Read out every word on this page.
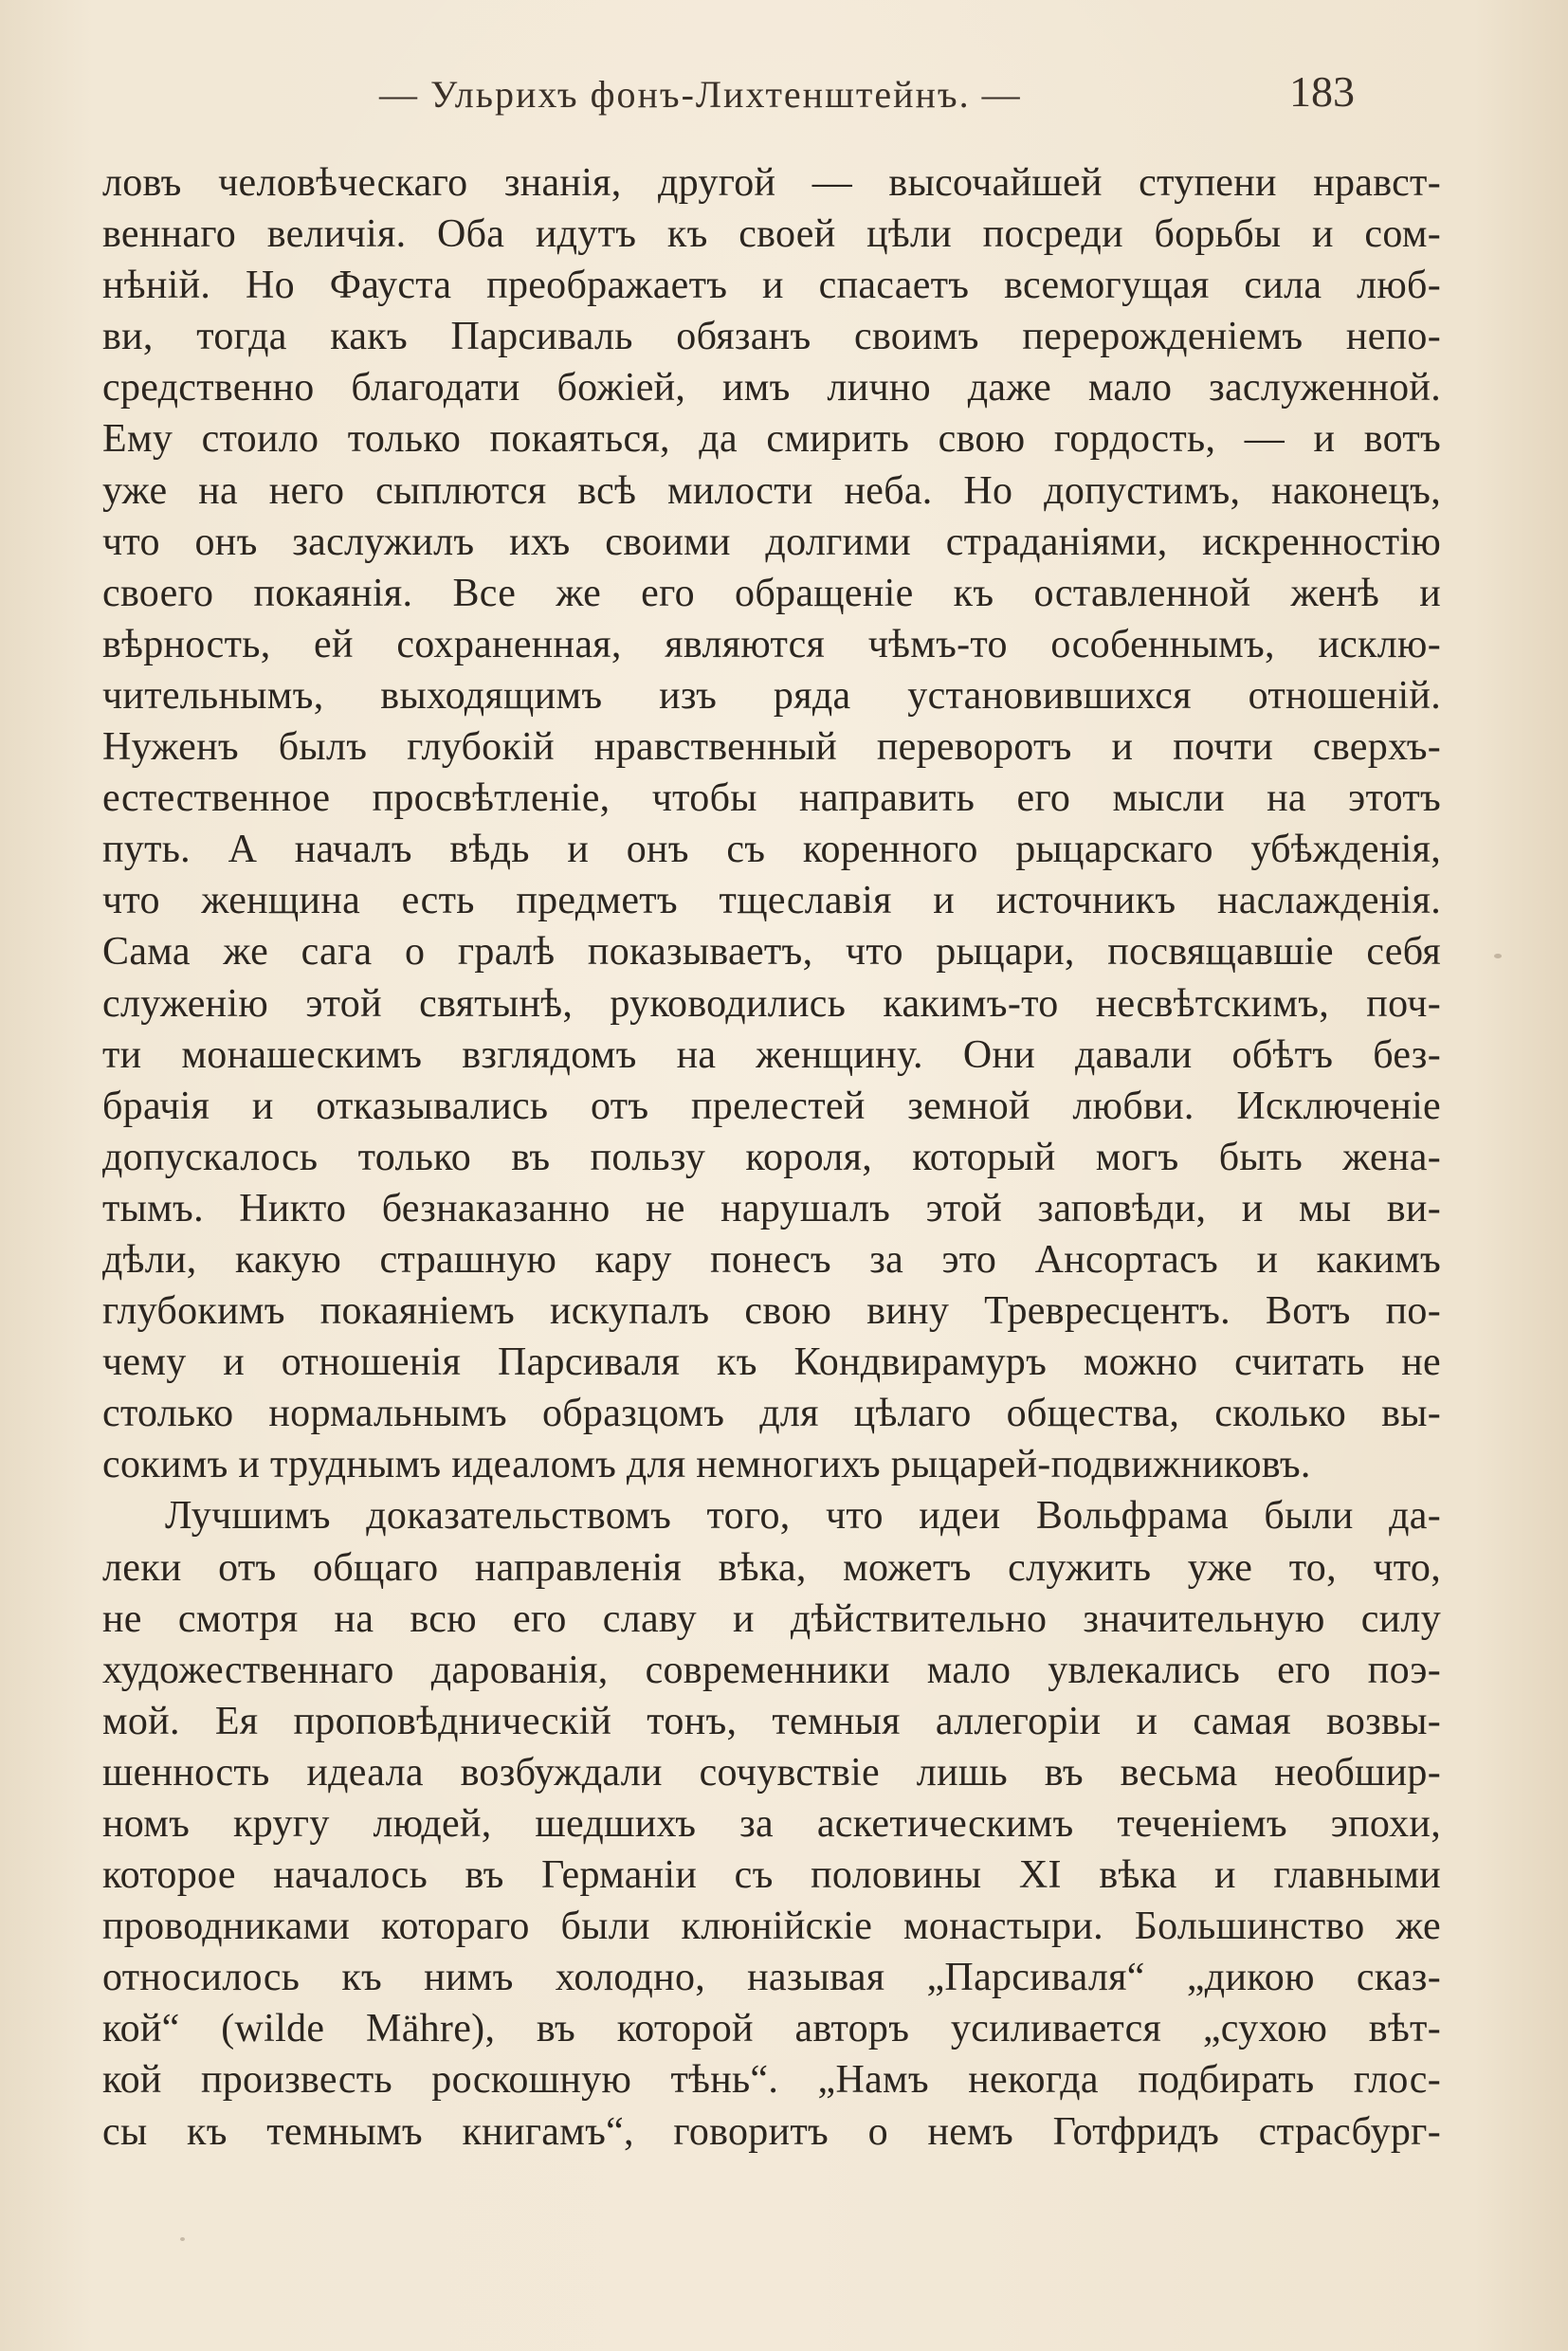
— Ульрихъ фонъ-Лихтенштейнъ. —	183
ловъ человѣческаго знанія, другой — высочайшей ступени нравст-
веннаго величія. Оба идутъ къ своей цѣли посреди борьбы и сом-
нѣній. Но Фауста преображаетъ и спасаетъ всемогущая сила люб-
ви, тогда какъ Парсиваль обязанъ своимъ перерожденіемъ непо-
средственно благодати божіей, имъ лично даже мало заслуженной.
Ему стоило только покаяться, да смирить свою гордость, — и вотъ
уже на него сыплются всѣ милости неба. Но допустимъ, наконецъ,
что онъ заслужилъ ихъ своими долгими страданіями, искренностію
своего покаянія. Все же его обращеніе къ оставленной женѣ и
вѣрность, ей сохраненная, являются чѣмъ-то особеннымъ, исклю-
чительнымъ, выходящимъ изъ ряда установившихся отношеній.
Нуженъ былъ глубокій нравственный переворотъ и почти сверхъ-
естественное просвѣтленіе, чтобы направить его мысли на этотъ
путь. А началъ вѣдь и онъ съ коренного рыцарскаго убѣжденія,
что женщина есть предметъ тщеславія и источникъ наслажденія.
Сама же сага о гралѣ показываетъ, что рыцари, посвящавшіе себя
служенію этой святынѣ, руководились какимъ-то несвѣтскимъ, поч-
ти монашескимъ взглядомъ на женщину. Они давали обѣтъ без-
брачія и отказывались отъ прелестей земной любви. Исключеніе
допускалось только въ пользу короля, который могъ быть жена-
тымъ. Никто безнаказанно не нарушалъ этой заповѣди, и мы ви-
дѣли, какую страшную кару понесъ за это Ансортасъ и какимъ
глубокимъ покаяніемъ искупалъ свою вину Тревреcцентъ. Вотъ по-
чему и отношенія Парсиваля къ Кондвирамуръ можно считать не
столько нормальнымъ образцомъ для цѣлаго общества, сколько вы-
сокимъ и труднымъ идеаломъ для немногихъ рыцарей-подвижниковъ.
Лучшимъ доказательствомъ того, что идеи Вольфрама были да-
леки отъ общаго направленія вѣка, можетъ служить уже то, что,
не смотря на всю его славу и дѣйствительно значительную силу
художественнаго дарованія, современники мало увлекались его поэ-
мой. Ея проповѣдническій тонъ, темныя аллегоріи и самая возвы-
шенность идеала возбуждали сочувствіе лишь въ весьма необшир-
номъ кругу людей, шедшихъ за аскетическимъ теченіемъ эпохи,
которое началось въ Германіи съ половины XI вѣка и главными
проводниками котораго были клюнійскіе монастыри. Большинство же
относилось къ нимъ холодно, называя „Парсиваля“ „дикою сказ-
кой“ (wilde Mähre), въ которой авторъ усиливается „сухою вѣт-
кой произвесть роскошную тѣнь“. „Намъ некогда подбирать глос-
сы къ темнымъ книгамъ“, говоритъ о немъ Готфридъ страсбург-
